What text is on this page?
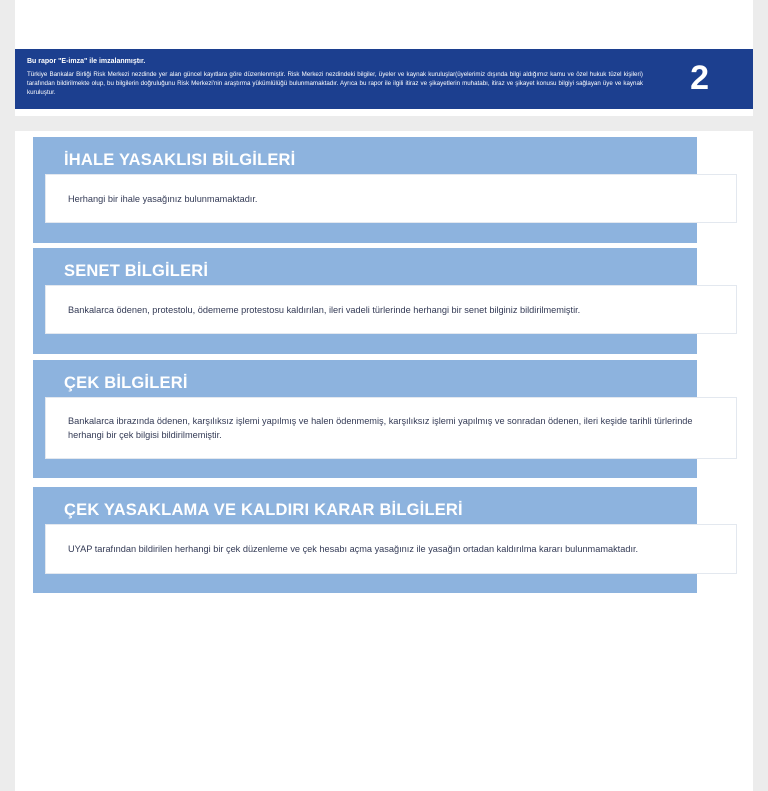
Bu rapor "E-imza" ile imzalanmıştır.
Türkiye Bankalar Birliği Risk Merkezi nezdinde yer alan güncel kayıtlara göre düzenlenmiştir. Risk Merkezi nezdindeki bilgiler, üyeler ve kaynak kuruluşlar(üyelerimiz dışında bilgi aldığımız kamu ve özel hukuk tüzel kişileri) tarafından bildirilmekte olup, bu bilgilerin doğruluğunu Risk Merkezi'nin araştırma yükümlülüğü bulunmamaktadır. Ayrıca bu rapor ile ilgili itiraz ve şikayetlerin muhatabı, itiraz ve şikayet konusu bilgiyi sağlayan üye ve kaynak kuruluştur.	2
İHALE YASAKLISI BİLGİLERİ
Herhangi bir ihale yasağınız bulunmamaktadır.
SENET BİLGİLERİ
Bankalarca ödenen, protestolu, ödememe protestosu kaldırılan, ileri vadeli türlerinde herhangi bir senet bilginiz bildirilmemiştir.
ÇEK BİLGİLERİ
Bankalarca ibrazında ödenen, karşılıksız işlemi yapılmış ve halen ödenmemiş, karşılıksız işlemi yapılmış ve sonradan ödenen, ileri keşide tarihli türlerinde herhangi bir çek bilgisi bildirilmemiştir.
ÇEK YASAKLAMA VE KALDIRI KARAR BİLGİLERİ
UYAP tarafından bildirilen herhangi bir çek düzenleme ve çek hesabı açma yasağınız ile yasağın ortadan kaldırılma kararı bulunmamaktadır.
